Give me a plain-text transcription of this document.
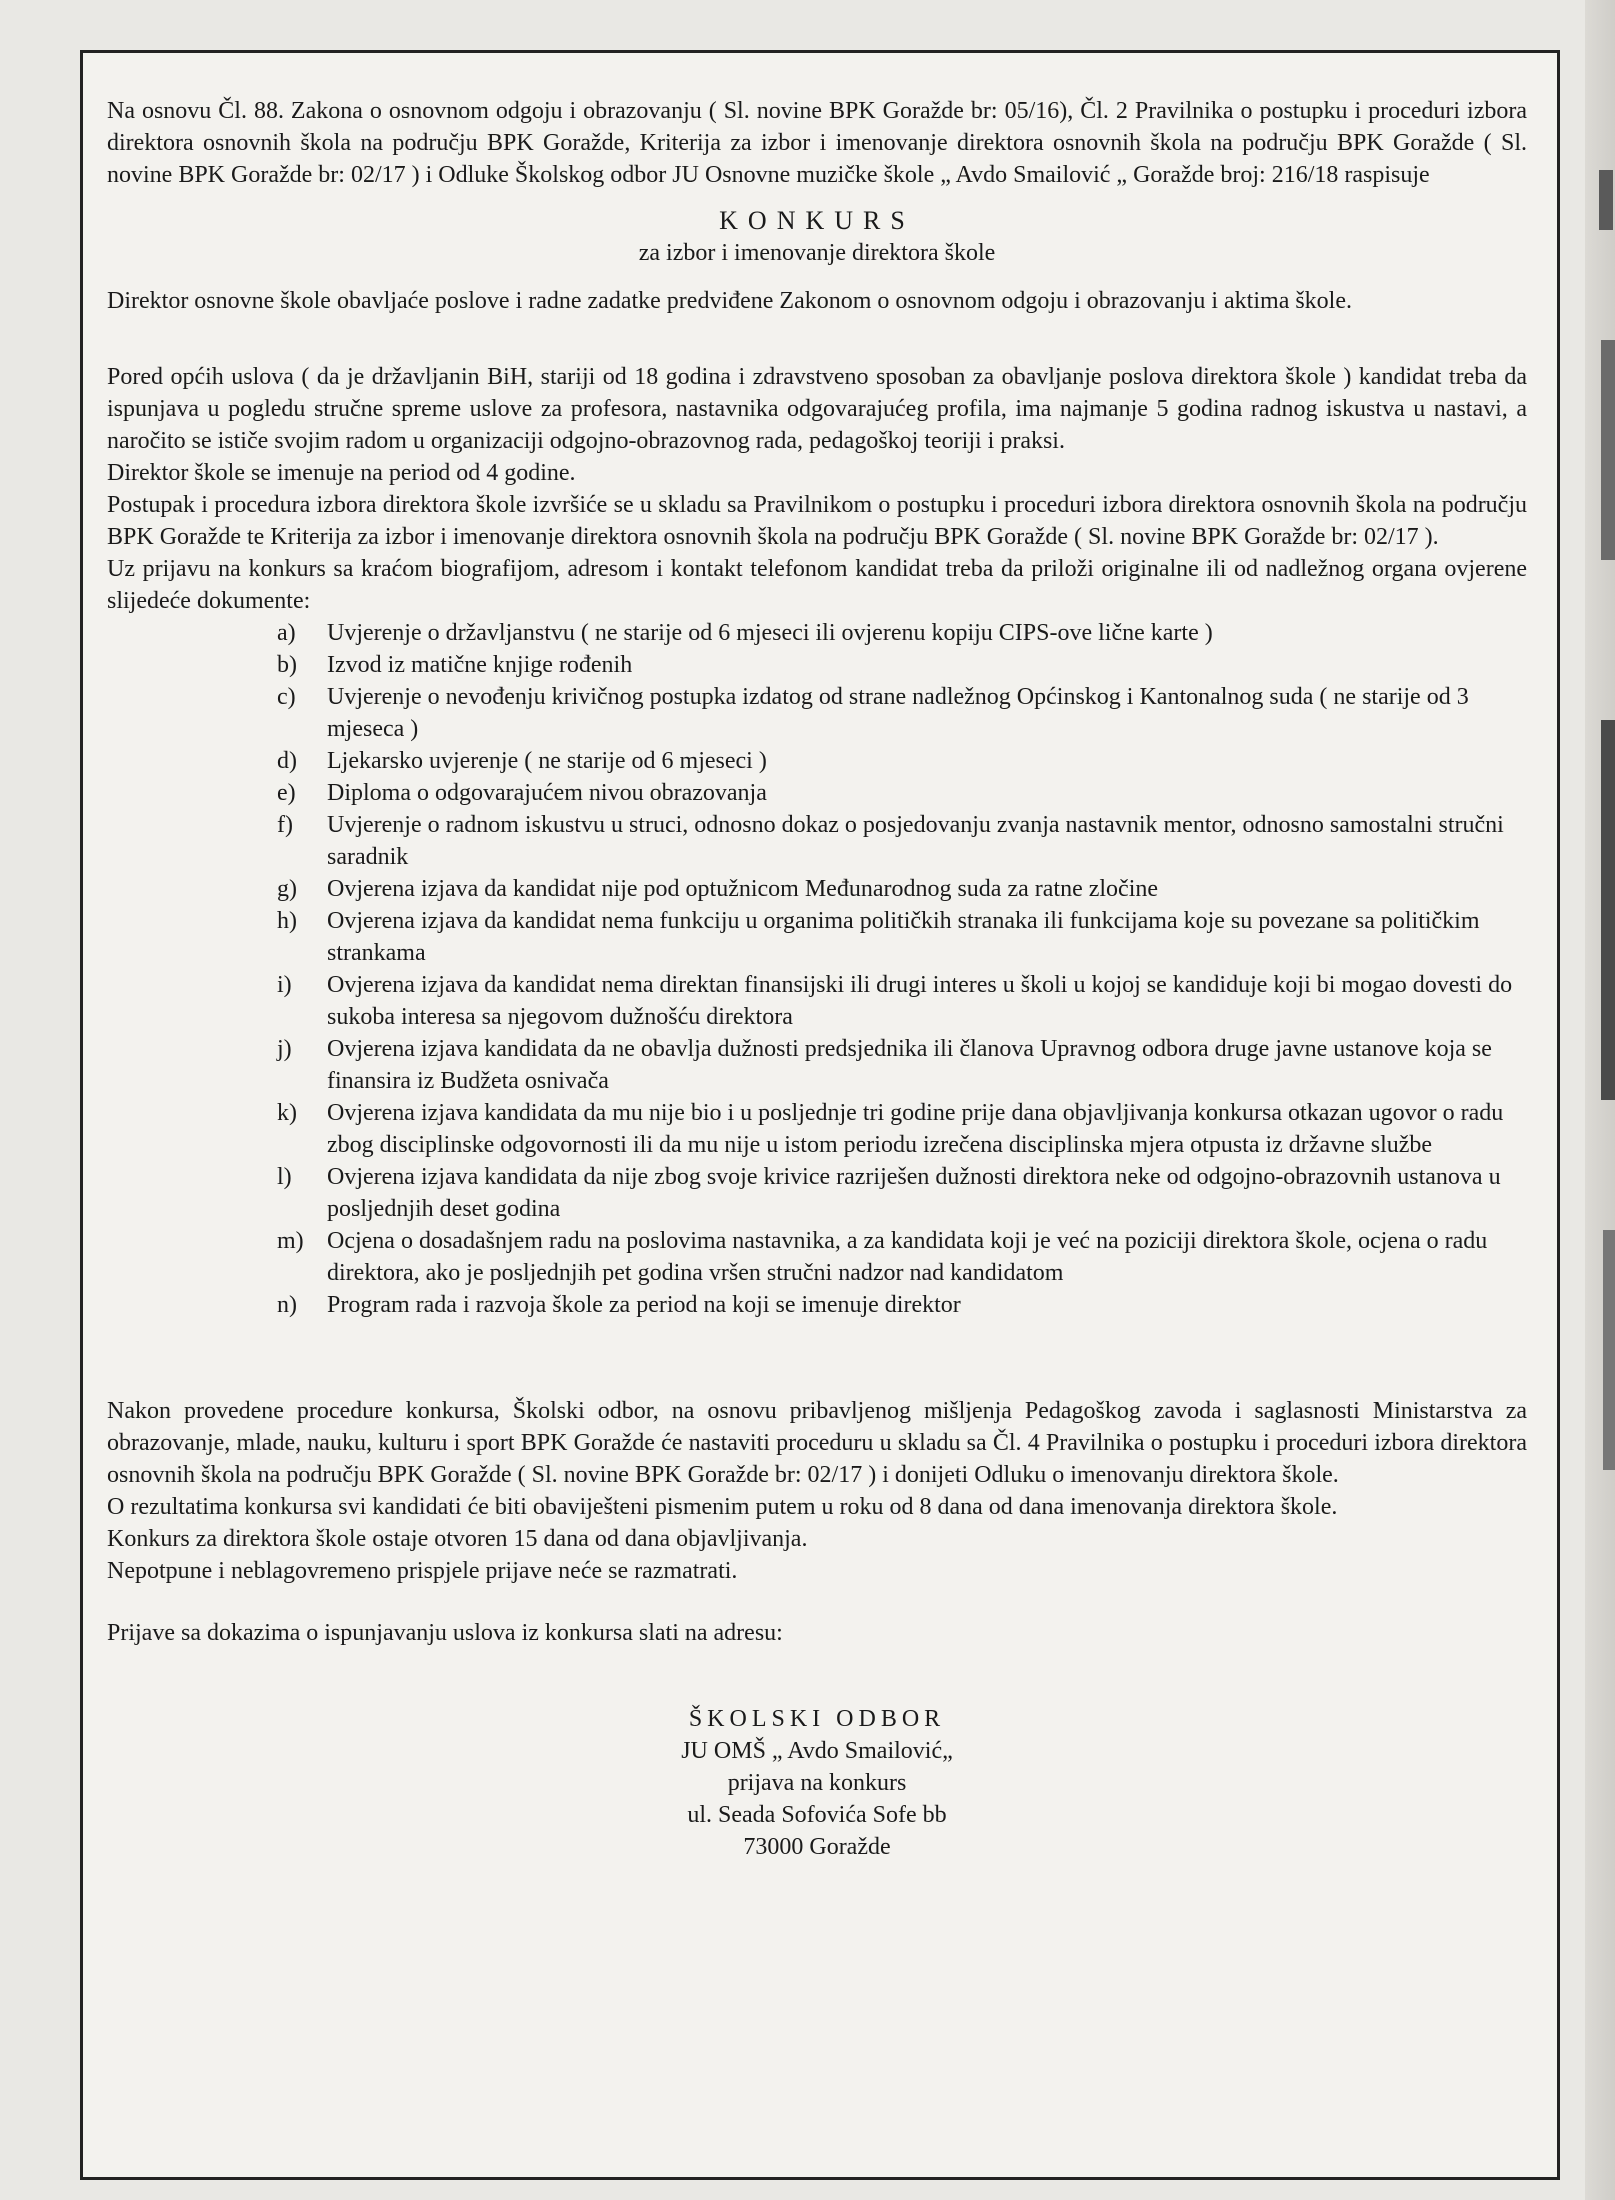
Na osnovu Čl. 88. Zakona o osnovnom odgoju i obrazovanju ( Sl. novine BPK Goražde br: 05/16), Čl. 2 Pravilnika o postupku i proceduri izbora direktora osnovnih škola na području BPK Goražde, Kriterija za izbor i imenovanje direktora osnovnih škola na području BPK Goražde ( Sl. novine BPK Goražde br: 02/17 ) i Odluke Školskog odbor JU Osnovne muzičke škole „ Avdo Smailović „ Goražde broj: 216/18 raspisuje

KONKURS
za izbor i imenovanje direktora škole

Direktor osnovne škole obavljaće poslove i radne zadatke predviđene Zakonom o osnovnom odgoju i obrazovanju i aktima škole.

Pored općih uslova ( da je državljanin BiH, stariji od 18 godina i zdravstveno sposoban za obavljanje poslova direktora škole ) kandidat treba da ispunjava u pogledu stručne spreme uslove za profesora, nastavnika odgovarajućeg profila, ima najmanje 5 godina radnog iskustva u nastavi, a naročito se ističe svojim radom u organizaciji odgojno-obrazovnog rada, pedagoškoj teoriji i praksi.

Direktor škole se imenuje na period od 4 godine.

Postupak i procedura izbora direktora škole izvršiće se u skladu sa Pravilnikom o postupku i proceduri izbora direktora osnovnih škola na području BPK Goražde te Kriterija za izbor i imenovanje direktora osnovnih škola na području BPK Goražde ( Sl. novine BPK Goražde br: 02/17 ).

Uz prijavu na konkurs sa kraćom biografijom, adresom i kontakt telefonom kandidat treba da priloži originalne ili od nadležnog organa ovjerene slijedeće dokumente:

a) Uvjerenje o državljanstvu ( ne starije od 6 mjeseci ili ovjerenu kopiju CIPS-ove lične karte )
b) Izvod iz matične knjige rođenih
c) Uvjerenje o nevođenju krivičnog postupka izdatog od strane nadležnog Općinskog i Kantonalnog suda ( ne starije od 3 mjeseca )
d) Ljekarsko uvjerenje ( ne starije od 6 mjeseci )
e) Diploma o odgovarajućem nivou obrazovanja
f) Uvjerenje o radnom iskustvu u struci, odnosno dokaz o posjedovanju zvanja nastavnik mentor, odnosno samostalni stručni saradnik
g) Ovjerena izjava da kandidat nije pod optužnicom Međunarodnog suda za ratne zločine
h) Ovjerena izjava da kandidat nema funkciju u organima političkih stranaka ili funkcijama koje su povezane sa političkim strankama
i) Ovjerena izjava da kandidat nema direktan finansijski ili drugi interes u školi u kojoj se kandiduje koji bi mogao dovesti do sukoba interesa sa njegovom dužnošću direktora
j) Ovjerena izjava kandidata da ne obavlja dužnosti predsjednika ili članova Upravnog odbora druge javne ustanove koja se finansira iz Budžeta osnivača
k) Ovjerena izjava kandidata da mu nije bio i u posljednje tri godine prije dana objavljivanja konkursa otkazan ugovor o radu zbog disciplinske odgovornosti ili da mu nije u istom periodu izrečena disciplinska mjera otpusta iz državne službe
l) Ovjerena izjava kandidata da nije zbog svoje krivice razriješen dužnosti direktora neke od odgojno-obrazovnih ustanova u posljednjih deset godina
m) Ocjena o dosadašnjem radu na poslovima nastavnika, a za kandidata koji je već na poziciji direktora škole, ocjena o radu direktora, ako je posljednjih pet godina vršen stručni nadzor nad kandidatom
n) Program rada i razvoja škole za period na koji se imenuje direktor

Nakon provedene procedure konkursa, Školski odbor, na osnovu pribavljenog mišljenja Pedagoškog zavoda i saglasnosti Ministarstva za obrazovanje, mlade, nauku, kulturu i sport BPK Goražde će nastaviti proceduru u skladu sa Čl. 4 Pravilnika o postupku i proceduri izbora direktora osnovnih škola na području BPK Goražde ( Sl. novine BPK Goražde br: 02/17 ) i donijeti Odluku o imenovanju direktora škole.

O rezultatima konkursa svi kandidati će biti obaviješteni pismenim putem u roku od 8 dana od dana imenovanja direktora škole.

Konkurs za direktora škole ostaje otvoren 15 dana od dana objavljivanja.

Nepotpune i neblagovremeno prispjele prijave neće se razmatrati.

Prijave sa dokazima o ispunjavanju uslova iz konkursa slati na adresu:

ŠKOLSKI ODBOR
JU OMŠ „ Avdo Smailović„
prijava na konkurs
ul. Seada Sofovića Sofe bb
73000 Goražde
